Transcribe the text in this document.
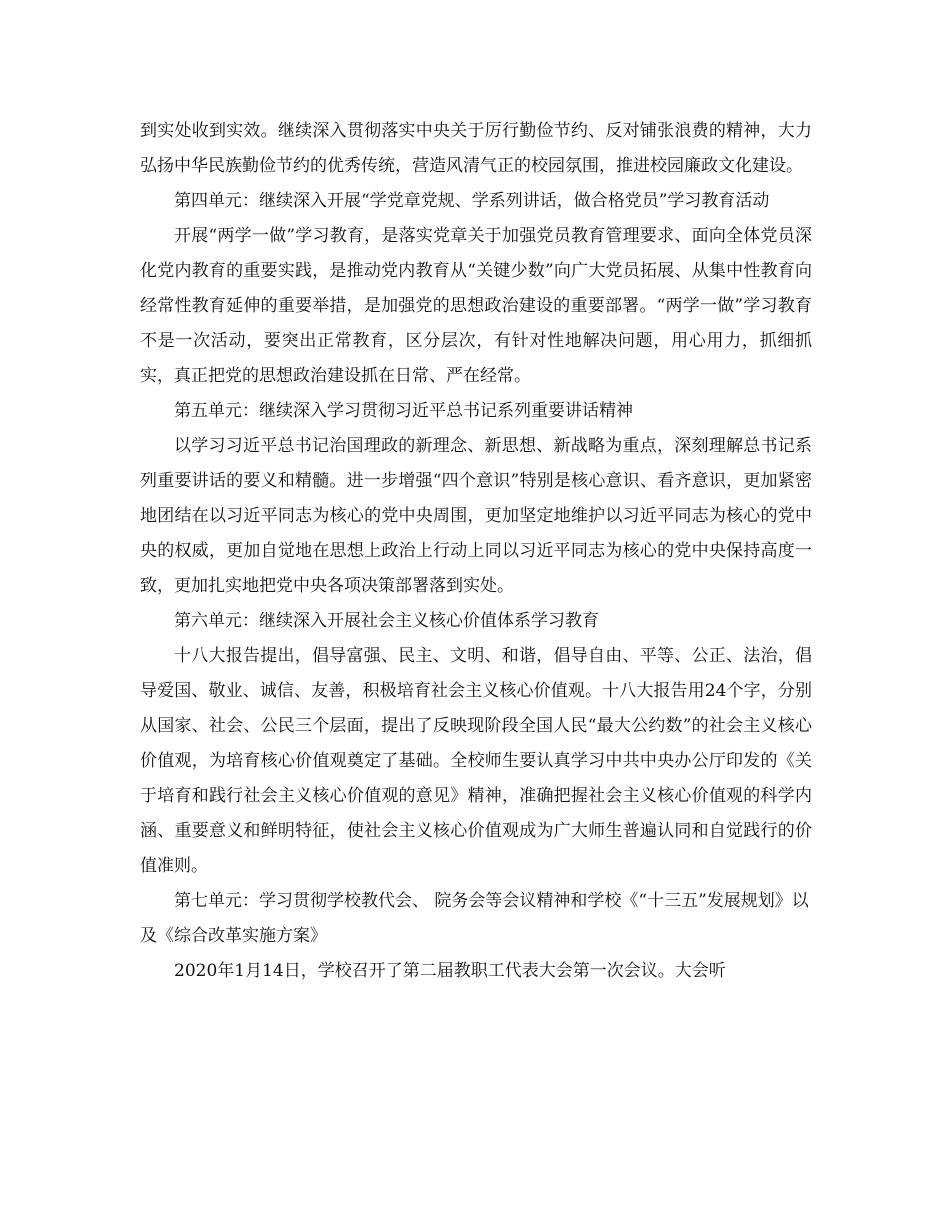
到实处收到实效。继续深入贯彻落实中央关于厉行勤俭节约、反对铺张浪费的精神，大力弘扬中华民族勤俭节约的优秀传统，营造风清气正的校园氛围，推进校园廉政文化建设。

第四单元：继续深入开展“学党章党规、学系列讲话，做合格党员”学习教育活动

开展“两学一做”学习教育，是落实党章关于加强党员教育管理要求、面向全体党员深化党内教育的重要实践，是推动党内教育从“关键少数”向广大党员拓展、从集中性教育向经常性教育延伸的重要举措，是加强党的思想政治建设的重要部署。“两学一做”学习教育不是一次活动，要突出正常教育，区分层次，有针对性地解决问题，用心用力，抓细抓实，真正把党的思想政治建设抓在日常、严在经常。

第五单元：继续深入学习贯彻习近平总书记系列重要讲话精神

以学习习近平总书记治国理政的新理念、新思想、新战略为重点，深刻理解总书记系列重要讲话的要义和精髓。进一步增强“四个意识”特别是核心意识、看齐意识，更加紧密地团结在以习近平同志为核心的党中央周围，更加坚定地维护以习近平同志为核心的党中央的权威，更加自觉地在思想上政治上行动上同以习近平同志为核心的党中央保持高度一致，更加扎实地把党中央各项决策部署落到实处。

第六单元：继续深入开展社会主义核心价值体系学习教育

十八大报告提出，倡导富强、民主、文明、和谐，倡导自由、平等、公正、法治，倡导爱国、敬业、诚信、友善，积极培育社会主义核心价值观。十八大报告用24个字，分别从国家、社会、公民三个层面，提出了反映现阶段全国人民“最大公约数”的社会主义核心价值观，为培育核心价值观奠定了基础。全校师生要认真学习中共中央办公厅印发的《关于培育和践行社会主义核心价值观的意见》精神，准确把握社会主义核心价值观的科学内涵、重要意义和鲜明特征，使社会主义核心价值观成为广大师生普遍认同和自觉践行的价值准则。

第七单元：学习贯彻学校教代会、 院务会等会议精神和学校《“十三五”发展规划》以及《综合改革实施方案》

2020年1月14日，学校召开了第二届教职工代表大会第一次会议。大会听
